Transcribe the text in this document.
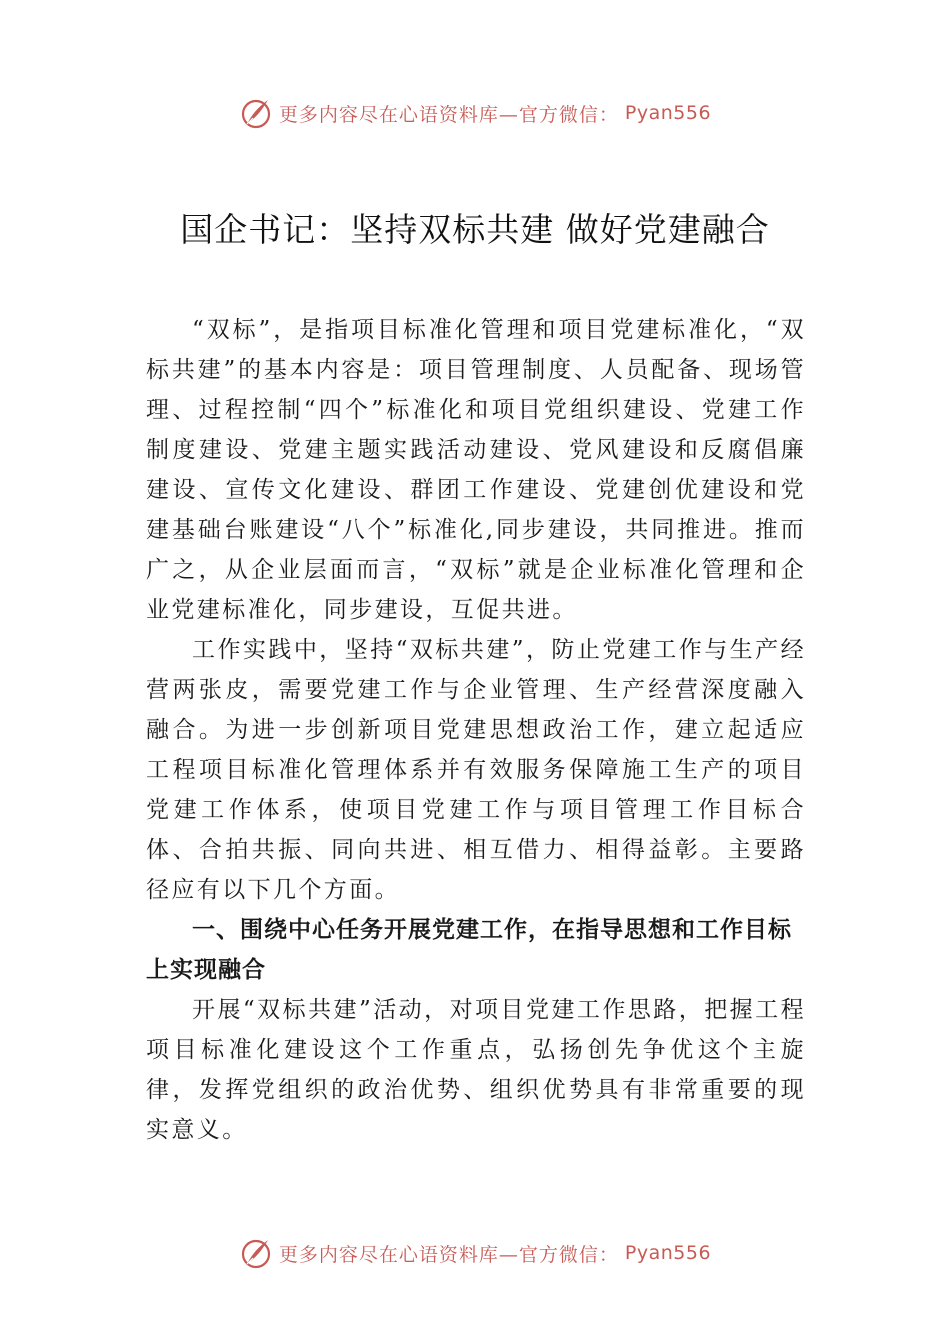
更多内容尽在心语资料库—官方微信： Pyan556
国企书记：坚持双标共建 做好党建融合

“双标”，是指项目标准化管理和项目党建标准化，“双标共建”的基本内容是：项目管理制度、人员配备、现场管理、过程控制“四个”标准化和项目党组织建设、党建工作制度建设、党建主题实践活动建设、党风建设和反腐倡廉建设、宣传文化建设、群团工作建设、党建创优建设和党建基础台账建设“八个”标准化,同步建设，共同推进。推而广之，从企业层面而言，“双标”就是企业标准化管理和企业党建标准化，同步建设，互促共进。

工作实践中，坚持“双标共建”，防止党建工作与生产经营两张皮，需要党建工作与企业管理、生产经营深度融入融合。为进一步创新项目党建思想政治工作，建立起适应工程项目标准化管理体系并有效服务保障施工生产的项目党建工作体系，使项目党建工作与项目管理工作目标合体、合拍共振、同向共进、相互借力、相得益彰。主要路径应有以下几个方面。

一、围绕中心任务开展党建工作，在指导思想和工作目标上实现融合

开展“双标共建”活动，对项目党建工作思路，把握工程项目标准化建设这个工作重点，弘扬创先争优这个主旋律，发挥党组织的政治优势、组织优势具有非常重要的现实意义。

更多内容尽在心语资料库—官方微信： Pyan556
